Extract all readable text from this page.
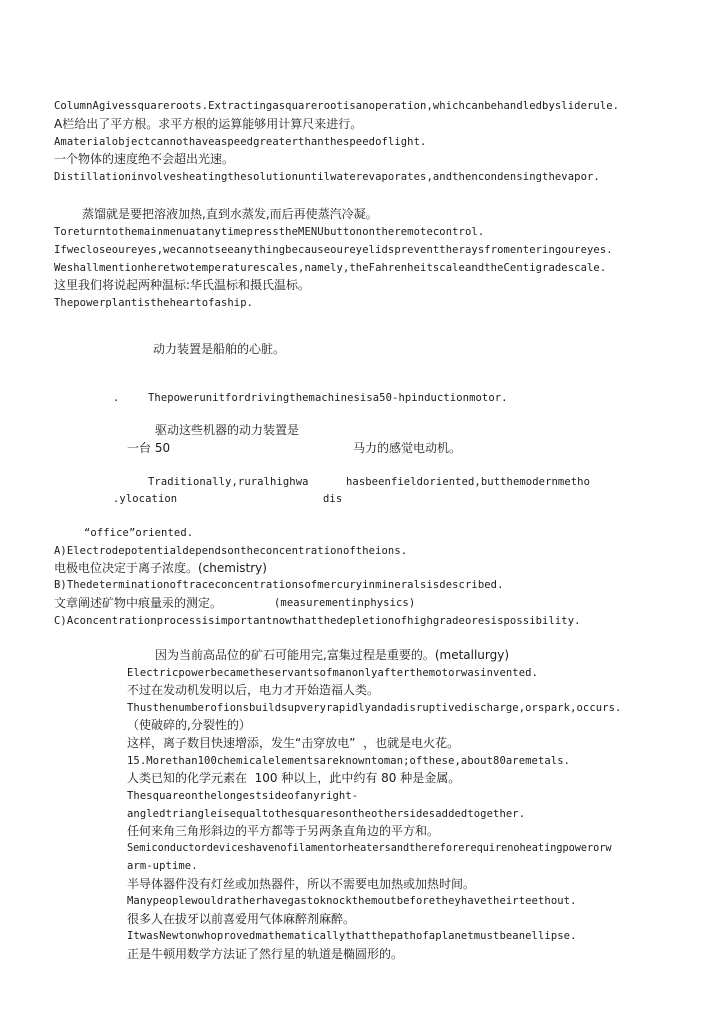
ColumnAgivessquareroots.Extractingasquarerootisanoperation,whichcanbehandledbysliderule.
A栏给出了平方根。求平方根的运算能够用计算尺来进行。
Amaterialobjectcannothaveaspeedgreaterthanthespeedoflight.
一个物体的速度绝不会超出光速。
Distillationinvolvesheatingthesolutionuntilwaterevaporates,andthencondensingthevapor.
蒸馏就是要把溶液加热,直到水蒸发,而后再使蒸汽冷凝。
ToreturntothemainmenuatanytimepresstheMENUbuttonontheremotecontrol.
Ifwecloseoureyes,wecannotseeanythingbecauseoureyelidspreventtheraysfromenteringoureyes.
Weshallmentionheretwotemperaturescales,namely,theFahrenheitscaleandtheCentigradescale.
这里我们将说起两种温标:华氏温标和摄氏温标。
Thepowerplantistheheartofaship.
动力装置是船舶的心脏。
.	Thepowerunitfordrivingthemachinesisa50-hpinductionmotor.
驱动这些机器的动力装置是
一台 50	马力的感觉电动机。
Traditionally,ruralhighwa	hasbeenfieldoriented,butthemodernmetho
.ylocation	dis
“office”oriented.
A)Electrodepotentialdependsontheconcentrationoftheions.
电极电位决定于离子浓度。(chemistry)
B)Thedeterminationoftraceconcentrationsofmercuryinmineralsisdescribed.
文章阐述矿物中痕量汞的测定。	(measurementinphysics)
C)Aconcentrationprocessisimportantnowthatthedepletionofhighgradeoresispossibility.
因为当前高品位的矿石可能用完,富集过程是重要的。(metallurgy)
Electricpowerbecametheservantsofmanonlyafterthemotorwasinvented.
不过在发动机发明以后，电力才开始造福人类。
Thusthenumberofionsbuildsupveryrapidlyandadisruptivedischarge,orspark,occurs.
（使破碎的,分裂性的）
这样，离子数目快速增添，发生“击穿放电”  ，也就是电火花。
15.Morethan100chemicalelementsareknowntoman;ofthese,about80aremetals.
人类已知的化学元素在  100 种以上，此中约有 80 种是金属。
Thesquareonthelongestsideofanyright-
angledtriangleisequaltothesquaresontheothersidesaddedtogether.
任何来角三角形斜边的平方都等于另两条直角边的平方和。
Semiconductordeviceshavenofilamentorheatersandthereforerequirenoheatingpowerorw
arm-uptime.
半导体器件没有灯丝或加热器件，所以不需要电加热或加热时间。
Manypeoplewouldratherhavegastoknockthemoutbeforetheyhavetheirteethout.
很多人在拔牙以前喜爱用气体麻醉剂麻醉。
ItwasNewtonwhoprovedmathematicallythatthepathofaplanetmustbeanellipse.
正是牛顿用数学方法证了然行星的轨道是椭圆形的。
